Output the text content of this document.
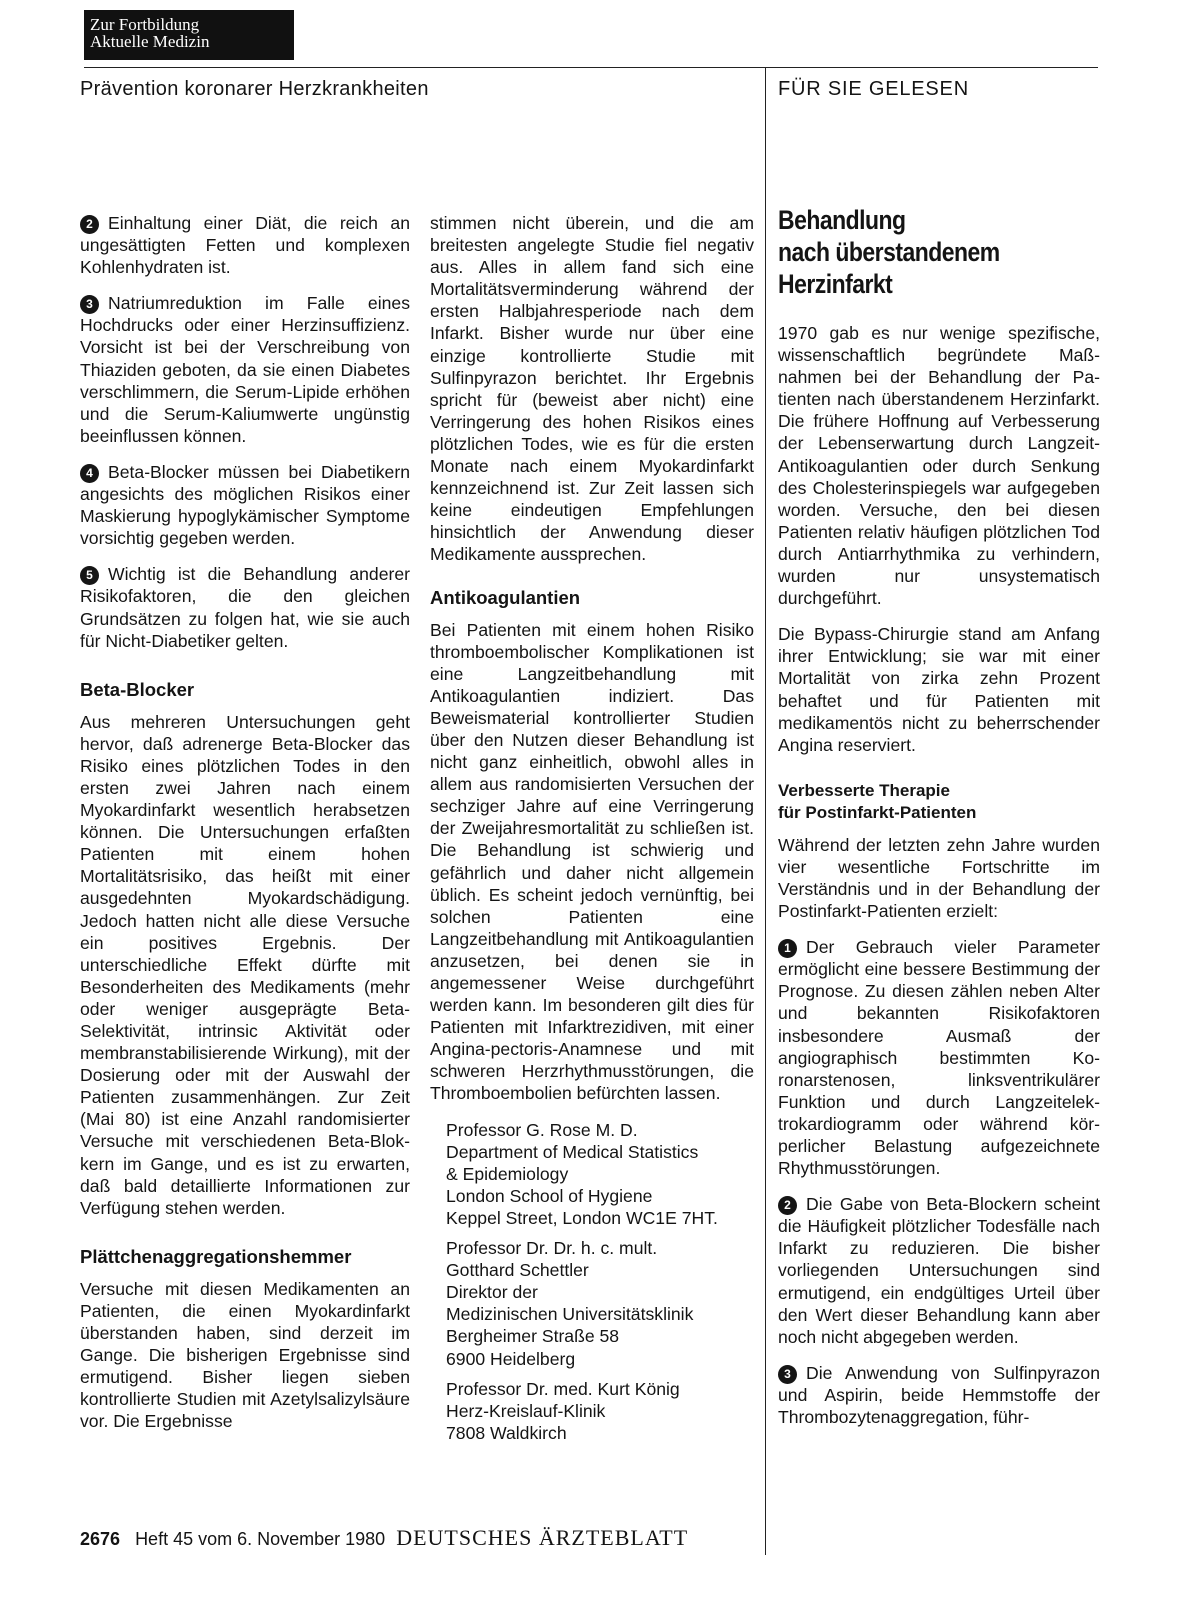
Zur Fortbildung
Aktuelle Medizin
Prävention koronarer Herzkrankheiten	FÜR SIE GELESEN

2 Einhaltung einer Diät, die reich an ungesättigten Fetten und komplexen Kohlenhydraten ist.

3 Natriumreduktion im Falle eines Hochdrucks oder einer Herzinsuffizienz. Vorsicht ist bei der Verschreibung von Thiaziden geboten, da sie einen Diabetes verschlimmern, die Serum-Lipide erhöhen und die Serum-Kaliumwerte ungünstig beeinflussen können.

4 Beta-Blocker müssen bei Diabetikern angesichts des möglichen Risikos einer Maskierung hypoglykämischer Symptome vorsichtig gegeben werden.

5 Wichtig ist die Behandlung anderer Risikofaktoren, die den gleichen Grundsätzen zu folgen hat, wie sie auch für Nicht-Diabetiker gelten.

Beta-Blocker

Aus mehreren Untersuchungen geht hervor, daß adrenerge Beta-Blocker das Risiko eines plötzlichen Todes in den ersten zwei Jahren nach einem Myokardinfarkt wesentlich herabsetzen können. Die Untersuchungen erfaßten Patienten mit einem hohen Mortalitätsrisiko, das heißt mit einer ausgedehnten Myokardschädigung. Jedoch hatten nicht alle diese Versuche ein positives Ergebnis. Der unterschiedliche Effekt dürfte mit Besonderheiten des Medikaments (mehr oder weniger ausgeprägte Beta-Selektivität, intrinsic Aktivität oder membranstabilisierende Wirkung), mit der Dosierung oder mit der Auswahl der Patienten zusammenhängen. Zur Zeit (Mai 80) ist eine Anzahl randomisierter Versuche mit verschiedenen Beta-Blokkern im Gange, und es ist zu erwarten, daß bald detaillierte Informationen zur Verfügung stehen werden.

Plättchenaggregationshemmer

Versuche mit diesen Medikamenten an Patienten, die einen Myokardinfarkt überstanden haben, sind derzeit im Gange. Die bisherigen Ergebnisse sind ermutigend. Bisher liegen sieben kontrollierte Studien mit Azetylsalizylsäure vor. Die Ergebnisse

stimmen nicht überein, und die am breitesten angelegte Studie fiel negativ aus. Alles in allem fand sich eine Mortalitätsverminderung während der ersten Halbjahresperiode nach dem Infarkt. Bisher wurde nur über eine einzige kontrollierte Studie mit Sulfinpyrazon berichtet. Ihr Ergebnis spricht für (beweist aber nicht) eine Verringerung des hohen Risikos eines plötzlichen Todes, wie es für die ersten Monate nach einem Myokardinfarkt kennzeichnend ist. Zur Zeit lassen sich keine eindeutigen Empfehlungen hinsichtlich der Anwendung dieser Medikamente aussprechen.

Antikoagulantien

Bei Patienten mit einem hohen Risiko thromboembolischer Komplikationen ist eine Langzeitbehandlung mit Antikoagulantien indiziert. Das Beweismaterial kontrollierter Studien über den Nutzen dieser Behandlung ist nicht ganz einheitlich, obwohl alles in allem aus randomisierten Versuchen der sechziger Jahre auf eine Verringerung der Zweijahresmortalität zu schließen ist. Die Behandlung ist schwierig und gefährlich und daher nicht allgemein üblich. Es scheint jedoch vernünftig, bei solchen Patienten eine Langzeitbehandlung mit Antikoagulantien anzusetzen, bei denen sie in angemessener Weise durchgeführt werden kann. Im besonderen gilt dies für Patienten mit Infarktrezidiven, mit einer Angina-pectoris-Anamnese und mit schweren Herzrhythmusstörungen, die Thromboembolien befürchten lassen.

Professor G. Rose M. D.
Department of Medical Statistics
& Epidemiology
London School of Hygiene
Keppel Street, London WC1E 7HT.
Professor Dr. Dr. h. c. mult.
Gotthard Schettler
Direktor der
Medizinischen Universitätsklinik
Bergheimer Straße 58
6900 Heidelberg
Professor Dr. med. Kurt König
Herz-Kreislauf-Klinik
7808 Waldkirch
Behandlung
nach überstandenem
Herzinfarkt

1970 gab es nur wenige spezifische, wissenschaftlich begründete Maßnahmen bei der Behandlung der Patienten nach überstandenem Herzinfarkt. Die frühere Hoffnung auf Verbesserung der Lebenserwartung durch Langzeit-Antikoagulantien oder durch Senkung des Cholesterinspiegels war aufgegeben worden. Versuche, den bei diesen Patienten relativ häufigen plötzlichen Tod durch Antiarrhythmika zu verhindern, wurden nur unsystematisch durchgeführt.

Die Bypass-Chirurgie stand am Anfang ihrer Entwicklung; sie war mit einer Mortalität von zirka zehn Prozent behaftet und für Patienten mit medikamentös nicht zu beherrschender Angina reserviert.

Verbesserte Therapie
für Postinfarkt-Patienten

Während der letzten zehn Jahre wurden vier wesentliche Fortschritte im Verständnis und in der Behandlung der Postinfarkt-Patienten erzielt:

1 Der Gebrauch vieler Parameter ermöglicht eine bessere Bestimmung der Prognose. Zu diesen zählen neben Alter und bekannten Risikofaktoren insbesondere Ausmaß der angiographisch bestimmten Koronarstenosen, linksventrikulärer Funktion und durch Langzeitelektrokardiogramm oder während körperlicher Belastung aufgezeichnete Rhythmusstörungen.

2 Die Gabe von Beta-Blockern scheint die Häufigkeit plötzlicher Todesfälle nach Infarkt zu reduzieren. Die bisher vorliegenden Untersuchungen sind ermutigend, ein endgültiges Urteil über den Wert dieser Behandlung kann aber noch nicht abgegeben werden.

3 Die Anwendung von Sulfinpyrazon und Aspirin, beide Hemmstoffe der Thrombozytenaggregation, führ-

2676 Heft 45 vom 6. November 1980 DEUTSCHES ÄRZTEBLATT
